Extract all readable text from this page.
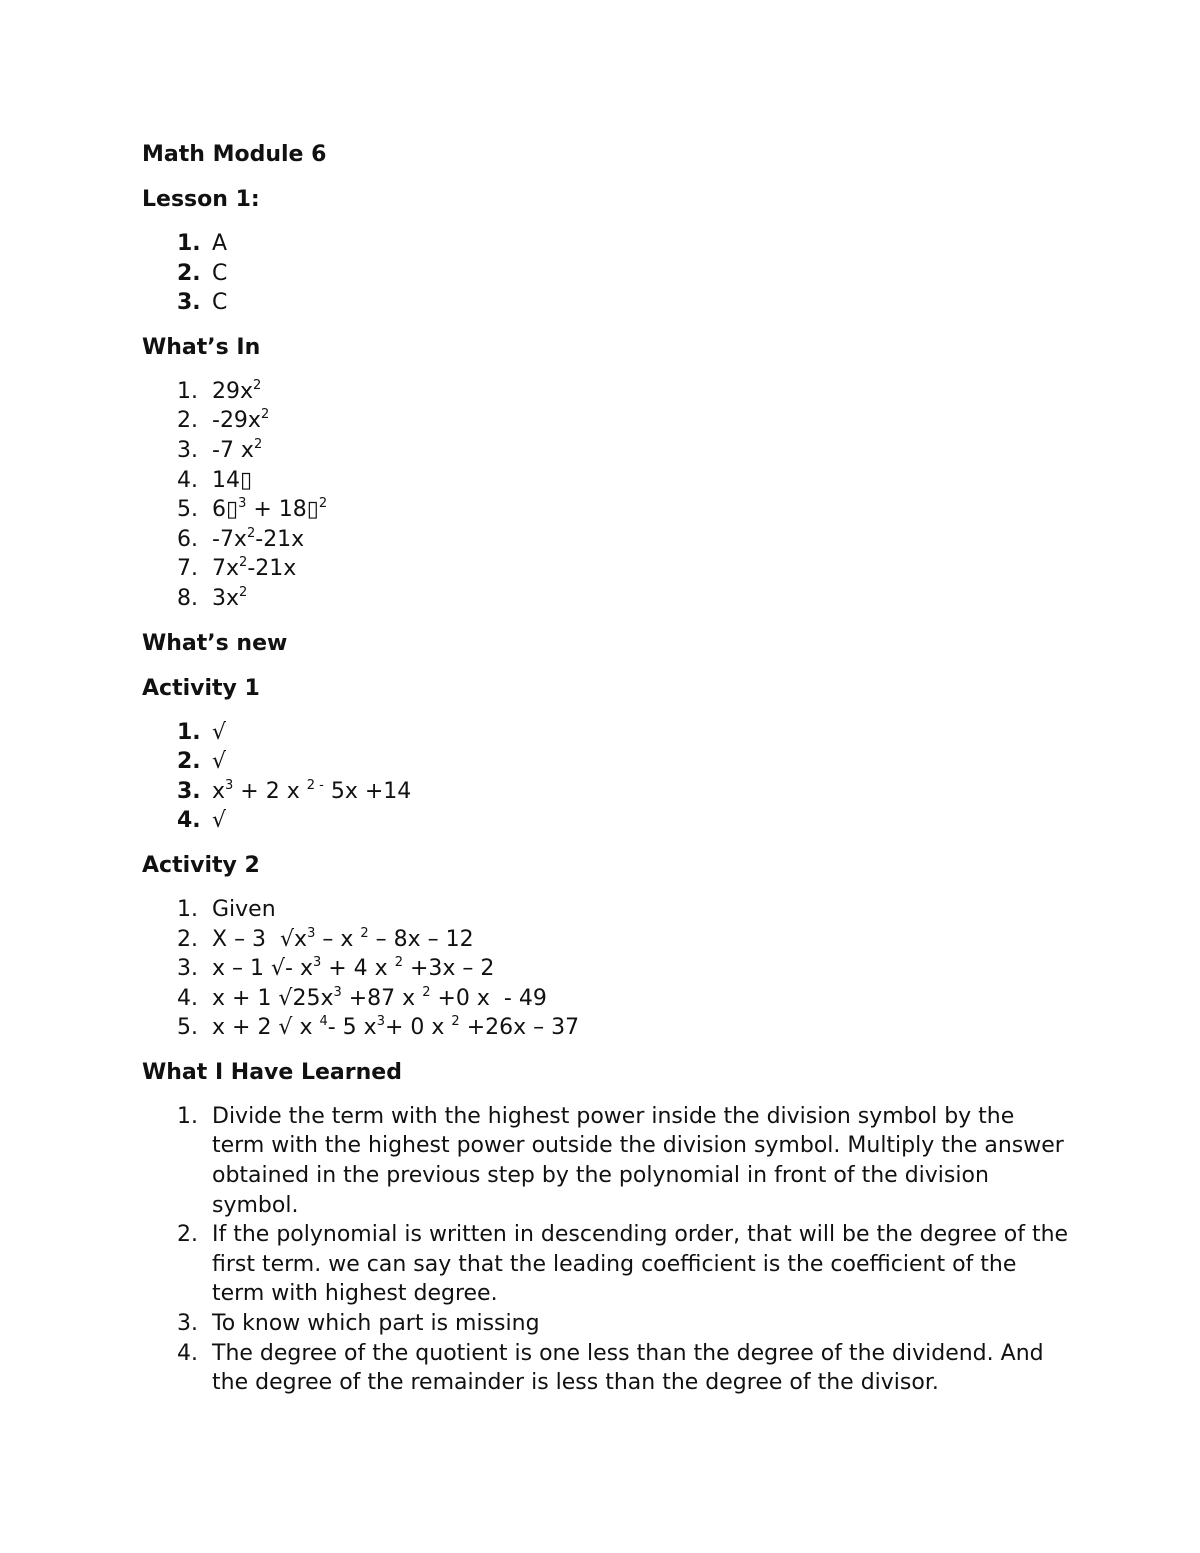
Math Module 6
Lesson 1:
1. A
2. C
3. C
What’s In
1. $29x^2$
2. $-29x^2$
3. -7 $x^2$
4. 14▯
5. 6▯$^3$ + 18▯$^2$
6. $-7x^2-21x$
7. $7x^2-21x$
8. $3x^2$
What’s new
Activity 1
1. √
2. √
3. $x^3 + 2$ x $^{2 -}$ 5x +14
4. √
Activity 2
1. Given
2. X – 3  $√x^3$ – x $^2$ – 8x – 12
3. x – 1 √- $x^3 + 4$ x $^2$ +3x – 2
4. x + 1 $√25x^3 +87$ x $^2$ +0 x  - 49
5. x + 2 √ x $^4$- 5 $x^3+ 0$ x $^2$ +26x – 37
What I Have Learned
1. Divide the term with the highest power inside the division symbol by the term with the highest power outside the division symbol. Multiply the answer obtained in the previous step by the polynomial in front of the division symbol.
2. If the polynomial is written in descending order, that will be the degree of the first term. we can say that the leading coefficient is the coefficient of the term with highest degree.
3. To know which part is missing
4. The degree of the quotient is one less than the degree of the dividend. And the degree of the remainder is less than the degree of the divisor.
